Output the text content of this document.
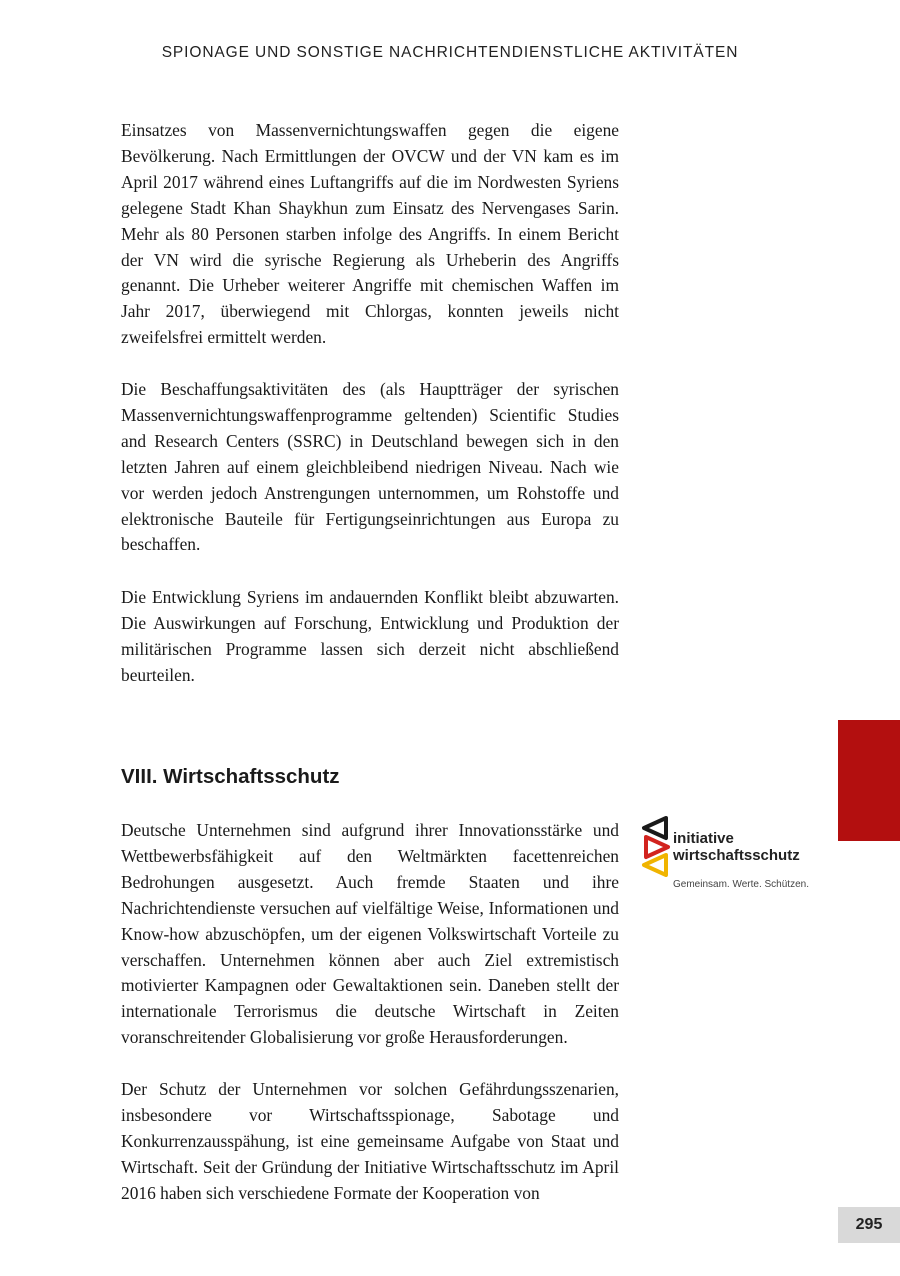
SPIONAGE UND SONSTIGE NACHRICHTENDIENSTLICHE AKTIVITÄTEN

Einsatzes von Massenvernichtungswaffen gegen die eigene Bevölkerung. Nach Ermittlungen der OVCW und der VN kam es im April 2017 während eines Luftangriffs auf die im Nordwesten Syriens gelegene Stadt Khan Shaykhun zum Einsatz des Nervengases Sarin. Mehr als 80 Personen starben infolge des Angriffs. In einem Bericht der VN wird die syrische Regierung als Urheberin des Angriffs genannt. Die Urheber weiterer Angriffe mit chemischen Waffen im Jahr 2017, überwiegend mit Chlorgas, konnten jeweils nicht zweifelsfrei ermittelt werden.

Die Beschaffungsaktivitäten des (als Hauptträger der syrischen Massenvernichtungswaffenprogramme geltenden) Scientific Studies and Research Centers (SSRC) in Deutschland bewegen sich in den letzten Jahren auf einem gleichbleibend niedrigen Niveau. Nach wie vor werden jedoch Anstrengungen unternommen, um Rohstoffe und elektronische Bauteile für Fertigungseinrichtungen aus Europa zu beschaffen.

Die Entwicklung Syriens im andauernden Konflikt bleibt abzuwarten. Die Auswirkungen auf Forschung, Entwicklung und Produktion der militärischen Programme lassen sich derzeit nicht abschließend beurteilen.

VIII. Wirtschaftsschutz

Deutsche Unternehmen sind aufgrund ihrer Innovationsstärke und Wettbewerbsfähigkeit auf den Weltmärkten facettenreichen Bedrohungen ausgesetzt. Auch fremde Staaten und ihre Nachrichtendienste versuchen auf vielfältige Weise, Informationen und Know-how abzuschöpfen, um der eigenen Volkswirtschaft Vorteile zu verschaffen. Unternehmen können aber auch Ziel extremistisch motivierter Kampagnen oder Gewaltaktionen sein. Daneben stellt der internationale Terrorismus die deutsche Wirtschaft in Zeiten voranschreitender Globalisierung vor große Herausforderungen.

Der Schutz der Unternehmen vor solchen Gefährdungsszenarien, insbesondere vor Wirtschaftsspionage, Sabotage und Konkurrenzausspähung, ist eine gemeinsame Aufgabe von Staat und Wirtschaft. Seit der Gründung der Initiative Wirtschaftsschutz im April 2016 haben sich verschiedene Formate der Kooperation von

initiative
wirtschaftsschutz
Gemeinsam. Werte. Schützen.
295
